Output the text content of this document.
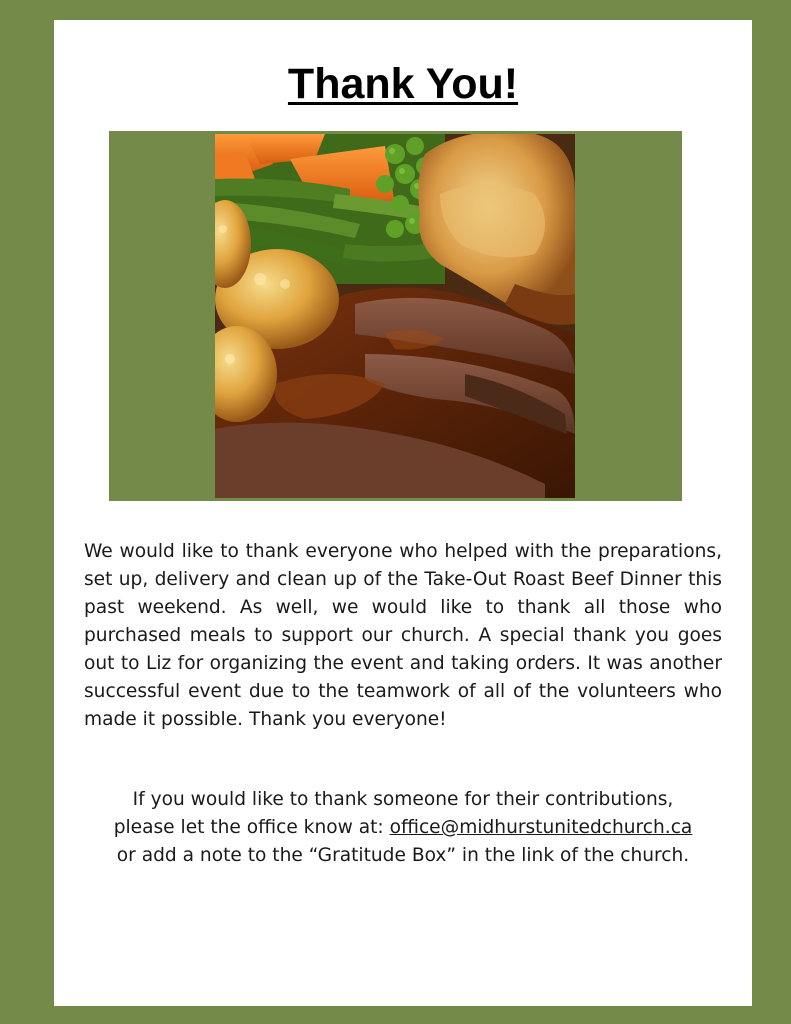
Thank You!

We would like to thank everyone who helped with the preparations, set up, delivery and clean up of the Take-Out Roast Beef Dinner this past weekend. As well, we would like to thank all those who purchased meals to support our church. A special thank you goes out to Liz for organizing the event and taking orders. It was another successful event due to the teamwork of all of the volunteers who made it possible. Thank you everyone!

If you would like to thank someone for their contributions,
please let the office know at: office@midhurstunitedchurch.ca
or add a note to the “Gratitude Box” in the link of the church.
